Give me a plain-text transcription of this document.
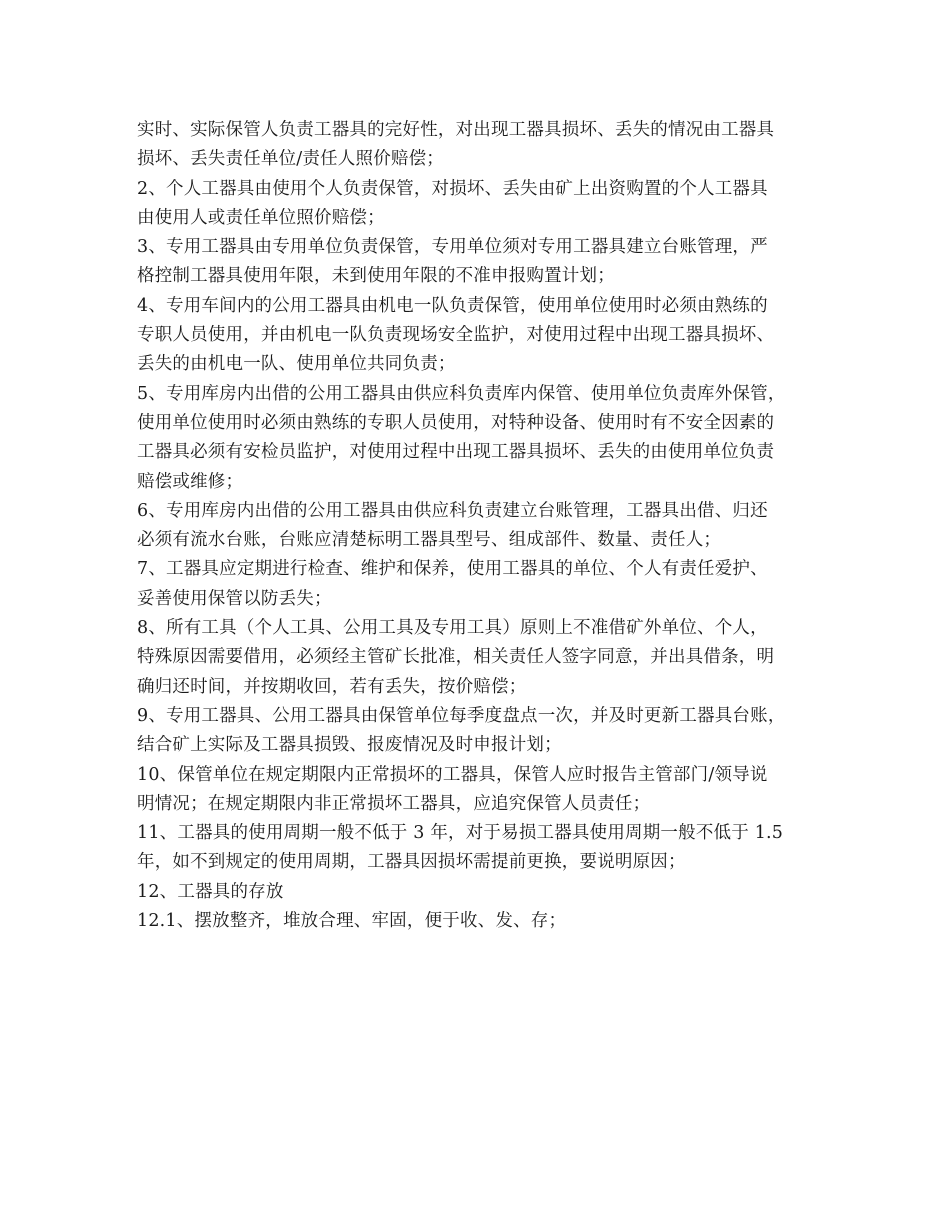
实时、实际保管人负责工器具的完好性，对出现工器具损坏、丢失的情况由工器具
损坏、丢失责任单位/责任人照价赔偿；
2、个人工器具由使用个人负责保管，对损坏、丢失由矿上出资购置的个人工器具
由使用人或责任单位照价赔偿；
3、专用工器具由专用单位负责保管，专用单位须对专用工器具建立台账管理，严
格控制工器具使用年限，未到使用年限的不准申报购置计划；
4、专用车间内的公用工器具由机电一队负责保管，使用单位使用时必须由熟练的
专职人员使用，并由机电一队负责现场安全监护，对使用过程中出现工器具损坏、
丢失的由机电一队、使用单位共同负责；
5、专用库房内出借的公用工器具由供应科负责库内保管、使用单位负责库外保管，
使用单位使用时必须由熟练的专职人员使用，对特种设备、使用时有不安全因素的
工器具必须有安检员监护，对使用过程中出现工器具损坏、丢失的由使用单位负责
赔偿或维修；
6、专用库房内出借的公用工器具由供应科负责建立台账管理，工器具出借、归还
必须有流水台账，台账应清楚标明工器具型号、组成部件、数量、责任人；
7、工器具应定期进行检查、维护和保养，使用工器具的单位、个人有责任爱护、
妥善使用保管以防丢失；
8、所有工具（个人工具、公用工具及专用工具）原则上不准借矿外单位、个人，
特殊原因需要借用，必须经主管矿长批准，相关责任人签字同意，并出具借条，明
确归还时间，并按期收回，若有丢失，按价赔偿；
9、专用工器具、公用工器具由保管单位每季度盘点一次，并及时更新工器具台账，
结合矿上实际及工器具损毁、报废情况及时申报计划；
10、保管单位在规定期限内正常损坏的工器具，保管人应时报告主管部门/领导说
明情况；在规定期限内非正常损坏工器具，应追究保管人员责任；
11、工器具的使用周期一般不低于 3 年，对于易损工器具使用周期一般不低于 1.5
年，如不到规定的使用周期，工器具因损坏需提前更换，要说明原因；
12、工器具的存放
12.1、摆放整齐，堆放合理、牢固，便于收、发、存；
